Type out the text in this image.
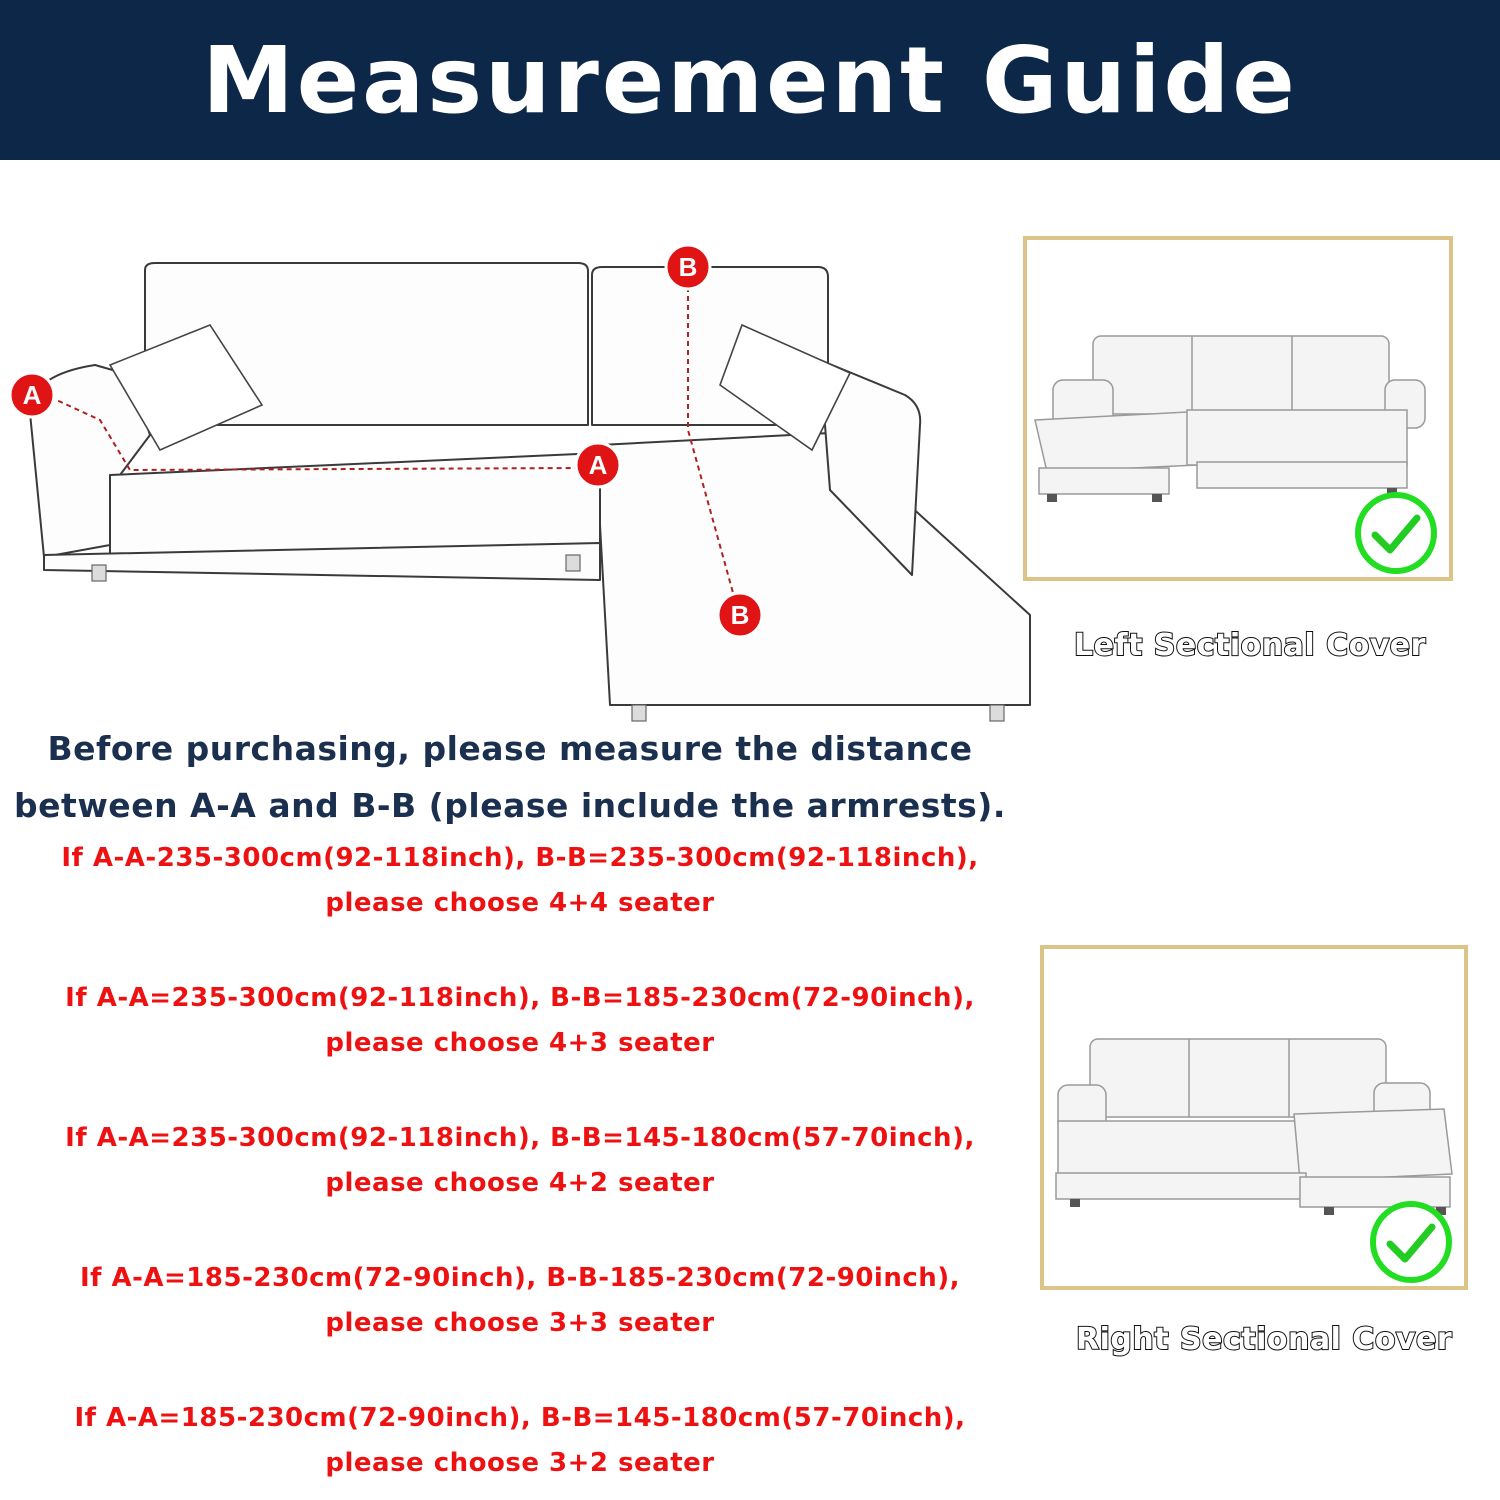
Measurement Guide
A
A
B
B
Left Sectional Cover
Right Sectional Cover
Before purchasing, please measure the distance
between A-A and B-B (please include the armrests).
If A-A-235-300cm(92-118inch), B-B=235-300cm(92-118inch),
please choose 4+4 seater
If A-A=235-300cm(92-118inch), B-B=185-230cm(72-90inch),
please choose 4+3 seater
If A-A=235-300cm(92-118inch), B-B=145-180cm(57-70inch),
please choose 4+2 seater
If A-A=185-230cm(72-90inch), B-B-185-230cm(72-90inch),
please choose 3+3 seater
If A-A=185-230cm(72-90inch), B-B=145-180cm(57-70inch),
please choose 3+2 seater
